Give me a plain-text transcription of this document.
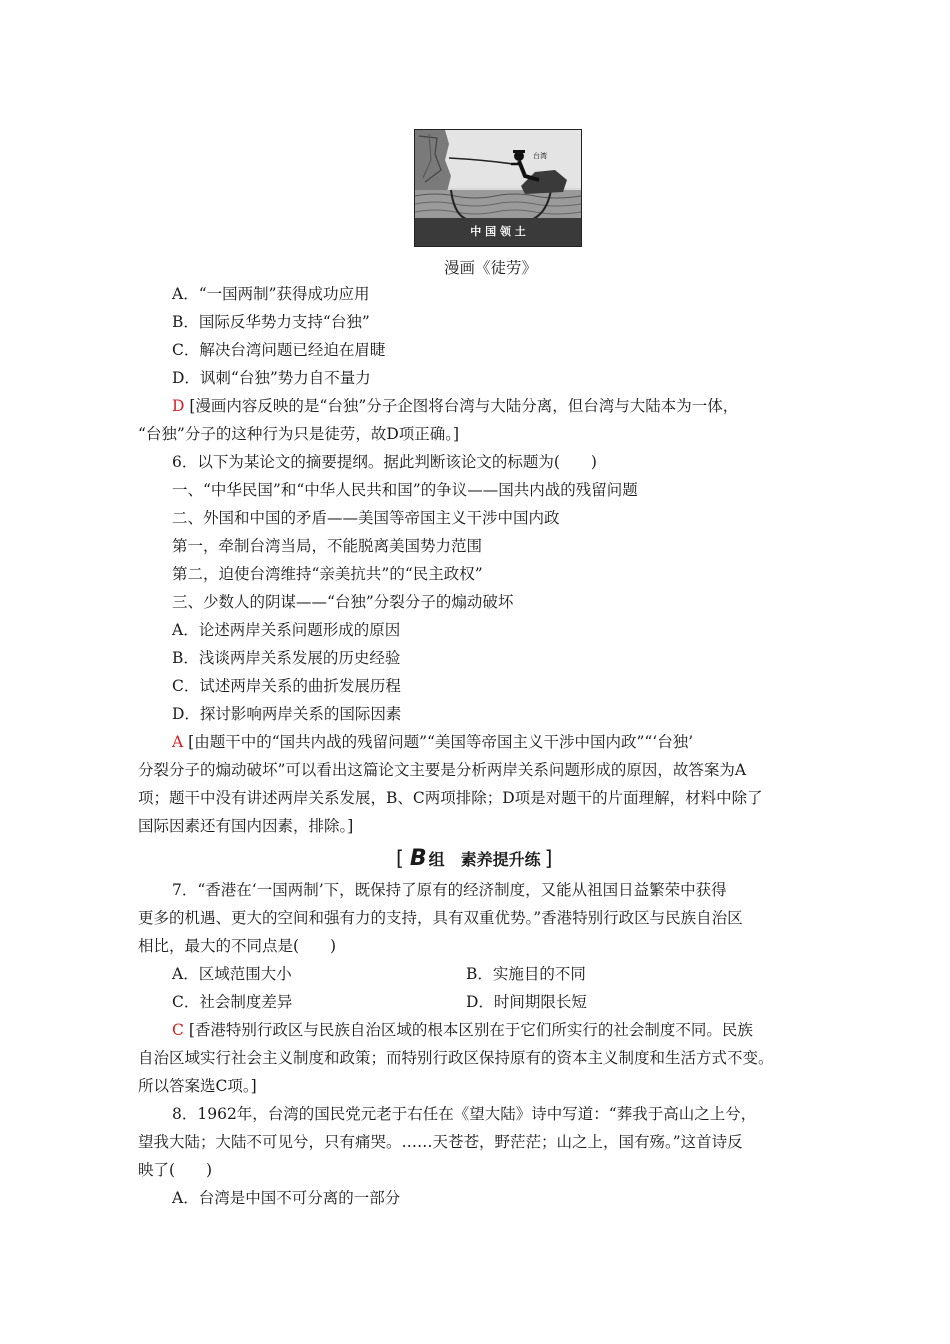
台湾
中 国 领 土
漫画《徒劳》
A．“一国两制”获得成功应用
B．国际反华势力支持“台独”
C．解决台湾问题已经迫在眉睫
D．讽刺“台独”势力自不量力
D [漫画内容反映的是“台独”分子企图将台湾与大陆分离，但台湾与大陆本为一体，
“台独”分子的这种行为只是徒劳，故D项正确。]
6．以下为某论文的摘要提纲。据此判断该论文的标题为(　　)
一、“中华民国”和“中华人民共和国”的争议——国共内战的残留问题
二、外国和中国的矛盾——美国等帝国主义干涉中国内政
第一，牵制台湾当局，不能脱离美国势力范围
第二，迫使台湾维持“亲美抗共”的“民主政权”
三、少数人的阴谋——“台独”分裂分子的煽动破坏
A．论述两岸关系问题形成的原因
B．浅谈两岸关系发展的历史经验
C．试述两岸关系的曲折发展历程
D．探讨影响两岸关系的国际因素
A [由题干中的“国共内战的残留问题”“美国等帝国主义干涉中国内政”“‘台独’
分裂分子的煽动破坏”可以看出这篇论文主要是分析两岸关系问题形成的原因，故答案为A
项；题干中没有讲述两岸关系发展，B、C两项排除；D项是对题干的片面理解，材料中除了
国际因素还有国内因素，排除。]
[ B 组　素养提升练 ]
7．“香港在‘一国两制’下，既保持了原有的经济制度，又能从祖国日益繁荣中获得
更多的机遇、更大的空间和强有力的支持，具有双重优势。”香港特别行政区与民族自治区
相比，最大的不同点是(　　)
A．区域范围大小	B．实施目的不同
C．社会制度差异	D．时间期限长短
C [香港特别行政区与民族自治区域的根本区别在于它们所实行的社会制度不同。民族
自治区域实行社会主义制度和政策；而特别行政区保持原有的资本主义制度和生活方式不变。
所以答案选C项。]
8．1962年，台湾的国民党元老于右任在《望大陆》诗中写道：“葬我于高山之上兮，
望我大陆；大陆不可见兮，只有痛哭。……天苍苍，野茫茫；山之上，国有殇。”这首诗反
映了(　　)
A．台湾是中国不可分离的一部分
